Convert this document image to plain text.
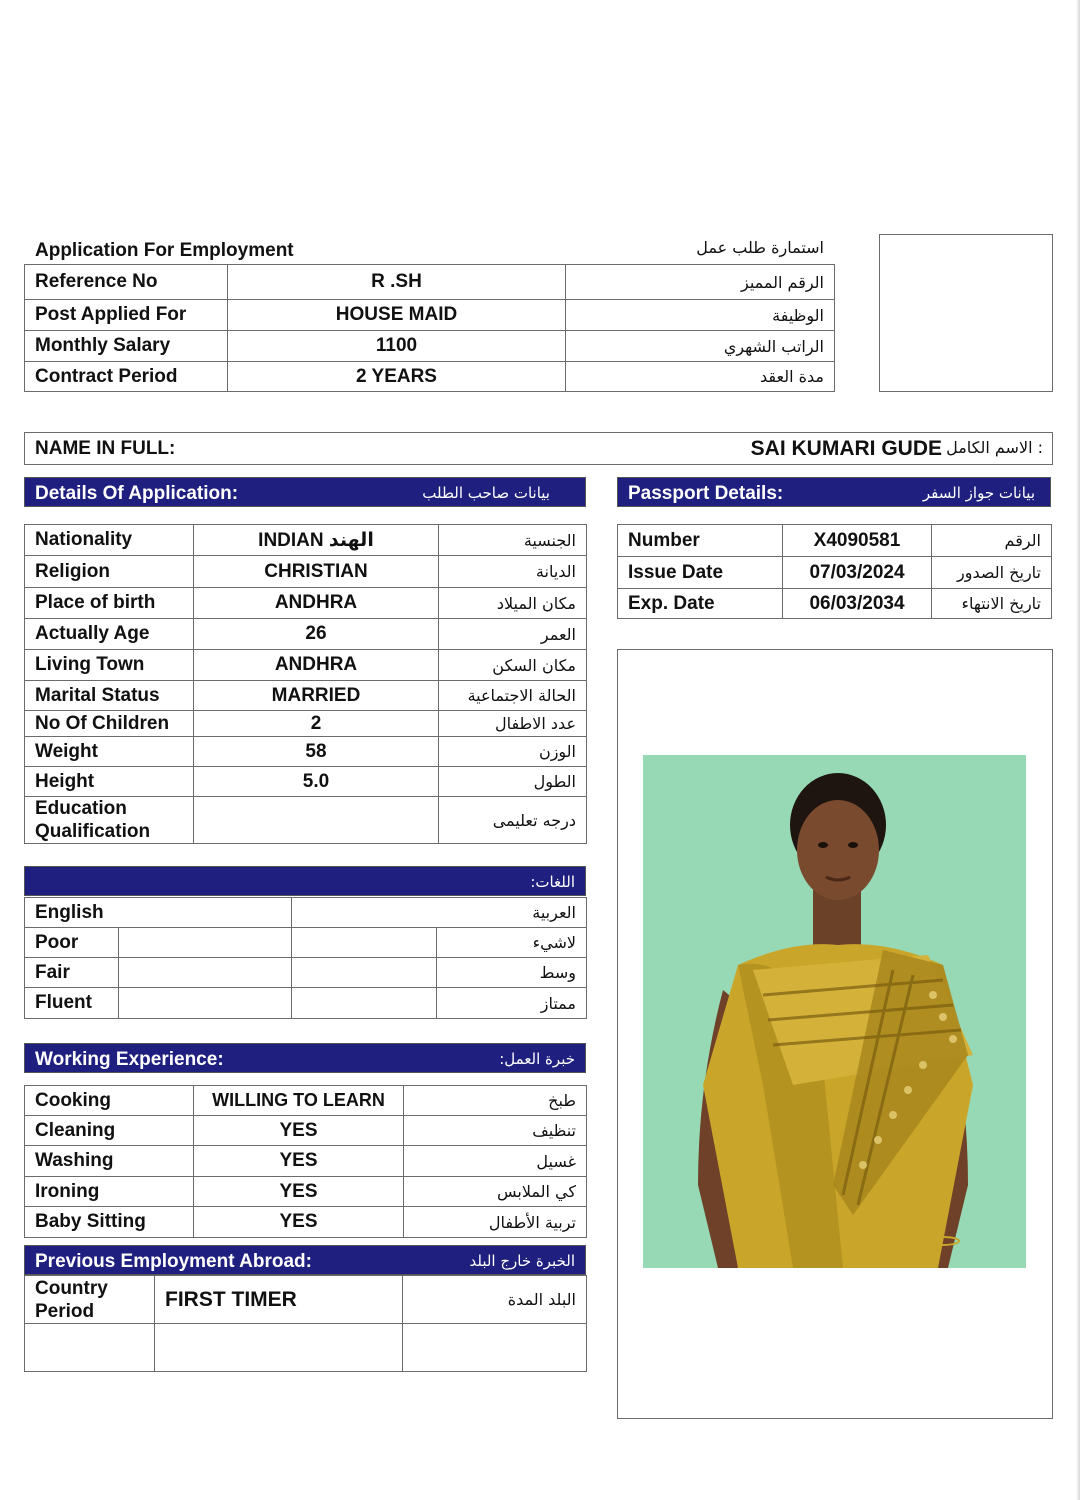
Application For Employment	استمارة طلب عمل
Reference No	R .SH	الرقم المميز
Post Applied For	HOUSE MAID	الوظيفة
Monthly Salary	1100	الراتب الشهري
Contract Period	2 YEARS	مدة العقد
NAME IN FULL:	SAI KUMARI GUDE : الاسم الكامل
Details Of Application:	بيانات صاحب الطلب	Passport Details:	بيانات جواز السفر
Nationality	INDIAN الهند	الجنسية
Religion	CHRISTIAN	الديانة
Place of birth	ANDHRA	مكان الميلاد
Actually Age	26	العمر
Living Town	ANDHRA	مكان السكن
Marital Status	MARRIED	الحالة الاجتماعية
No Of Children	2	عدد الاطفال
Weight	58	الوزن
Height	5.0	الطول
Education
Qualification		درجه تعليمى
Number	X4090581	الرقم
Issue Date	07/03/2024	تاريخ الصدور
Exp. Date	06/03/2034	تاريخ الانتهاء
اللغات:
English			العربية
Poor			لاشيء
Fair			وسط
Fluent			ممتاز
Working Experience:	خبرة العمل:
Cooking	WILLING TO LEARN	طبخ
Cleaning	YES	تنظيف
Washing	YES	غسيل
Ironing	YES	كي الملابس
Baby Sitting	YES	تربية الأطفال
Previous Employment Abroad:	الخبرة خارج البلد
Country
Period	FIRST TIMER	البلد المدة
